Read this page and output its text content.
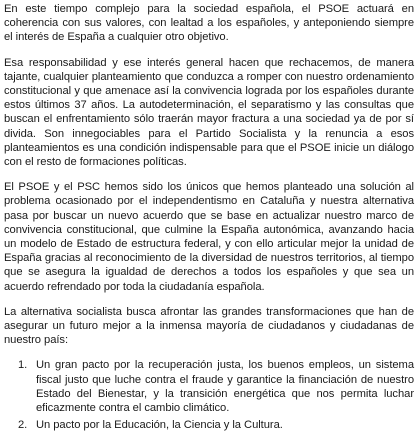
En este tiempo complejo para la sociedad española, el PSOE actuará en coherencia con sus valores, con lealtad a los españoles, y anteponiendo siempre el interés de España a cualquier otro objetivo.

Esa responsabilidad y ese interés general hacen que rechacemos, de manera tajante, cualquier planteamiento que conduzca a romper con nuestro ordenamiento constitucional y que amenace así la convivencia lograda por los españoles durante estos últimos 37 años. La autodeterminación, el separatismo y las consultas que buscan el enfrentamiento sólo traerán mayor fractura a una sociedad ya de por sí divida. Son innegociables para el Partido Socialista y la renuncia a esos planteamientos es una condición indispensable para que el PSOE inicie un diálogo con el resto de formaciones políticas.

El PSOE y el PSC hemos sido los únicos que hemos planteado una solución al problema ocasionado por el independentismo en Cataluña y nuestra alternativa pasa por buscar un nuevo acuerdo que se base en actualizar nuestro marco de convivencia constitucional, que culmine la España autonómica, avanzando hacia un modelo de Estado de estructura federal, y con ello articular mejor la unidad de España gracias al reconocimiento de la diversidad de nuestros territorios, al tiempo que se asegura la igualdad de derechos a todos los españoles y que sea un acuerdo refrendado por toda la ciudadanía española.

La alternativa socialista busca afrontar las grandes transformaciones que han de asegurar un futuro mejor a la inmensa mayoría de ciudadanos y ciudadanas de nuestro país:

1. Un gran pacto por la recuperación justa, los buenos empleos, un sistema fiscal justo que luche contra el fraude y garantice la financiación de nuestro Estado del Bienestar, y la transición energética que nos permita luchar eficazmente contra el cambio climático.
2. Un pacto por la Educación, la Ciencia y la Cultura.
